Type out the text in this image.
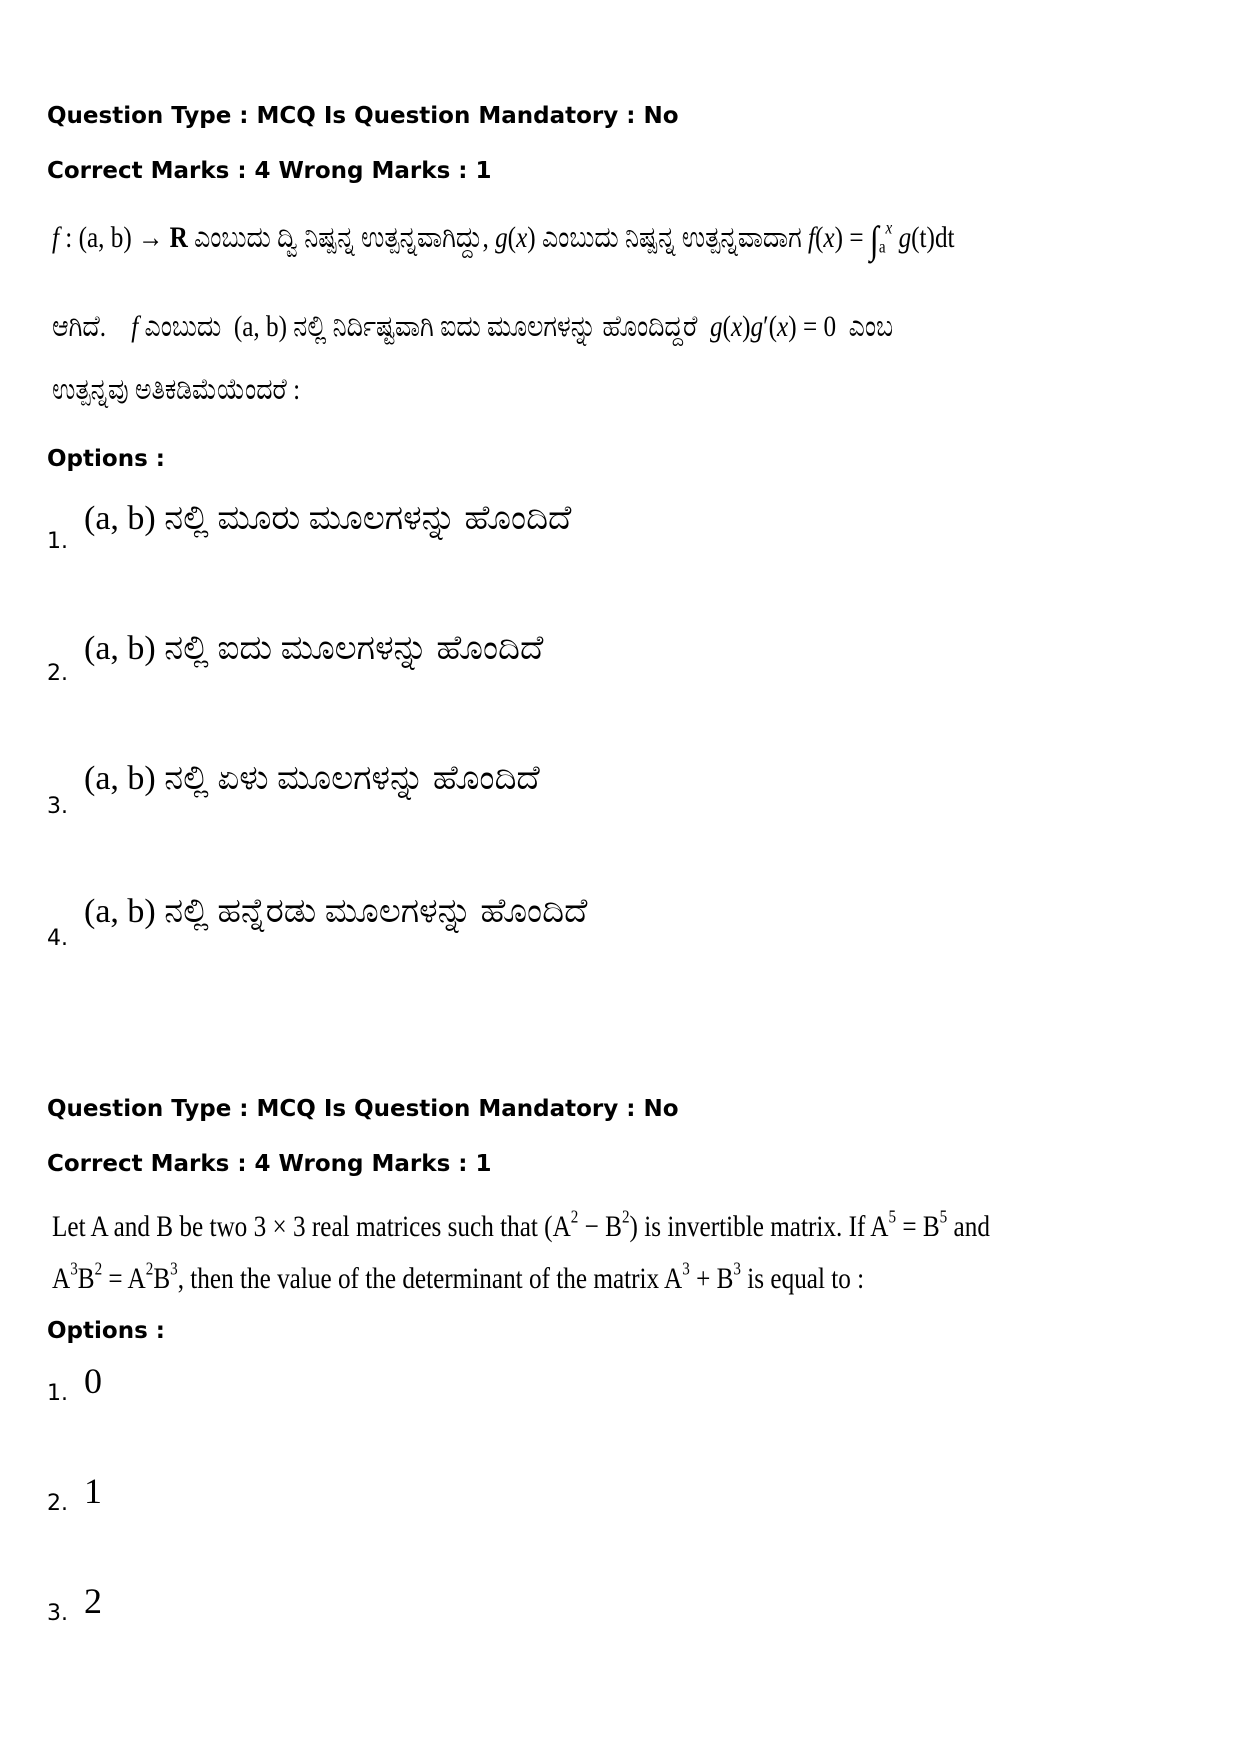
Question Type : MCQ Is Question Mandatory : No
Correct Marks : 4 Wrong Marks : 1
f : (a, b) → R ಎಂಬುದು ದ್ವಿ ನಿಷ್ಪನ್ನ ಉತ್ಪನ್ನವಾಗಿದ್ದು, g(x) ಎಂಬುದು ನಿಷ್ಪನ್ನ ಉತ್ಪನ್ನವಾದಾಗ $f(x) = \int_a^x$ g(t)dt
ಆಗಿದೆ. f ಎಂಬುದು  (a, b) ನಲ್ಲಿ ನಿರ್ದಿಷ್ಟವಾಗಿ ಐದು ಮೂಲಗಳನ್ನು ಹೊಂದಿದ್ದರೆ g(x)g′(x) = 0  ಎಂಬ
ಉತ್ಪನ್ನವು ಅತಿಕಡಿಮೆಯೆಂದರೆ :
Options :
1.
(a, b) ನಲ್ಲಿ ಮೂರು ಮೂಲಗಳನ್ನು ಹೊಂದಿದೆ
2.
(a, b) ನಲ್ಲಿ ಐದು ಮೂಲಗಳನ್ನು ಹೊಂದಿದೆ
3.
(a, b) ನಲ್ಲಿ ಏಳು ಮೂಲಗಳನ್ನು ಹೊಂದಿದೆ
4.
(a, b) ನಲ್ಲಿ ಹನ್ನೆರಡು ಮೂಲಗಳನ್ನು ಹೊಂದಿದೆ
Question Type : MCQ Is Question Mandatory : No
Correct Marks : 4 Wrong Marks : 1
Let A and B be two 3 × 3 real matrices such that $(A^2 - B^2)$ is invertible matrix. If $A^5 = B^5$ and
$A^3B^2 = A^2B^3$, then the value of the determinant of the matrix $A^3 + B^3$ is equal to :
Options :
1. 0
2. 1
3. 2
